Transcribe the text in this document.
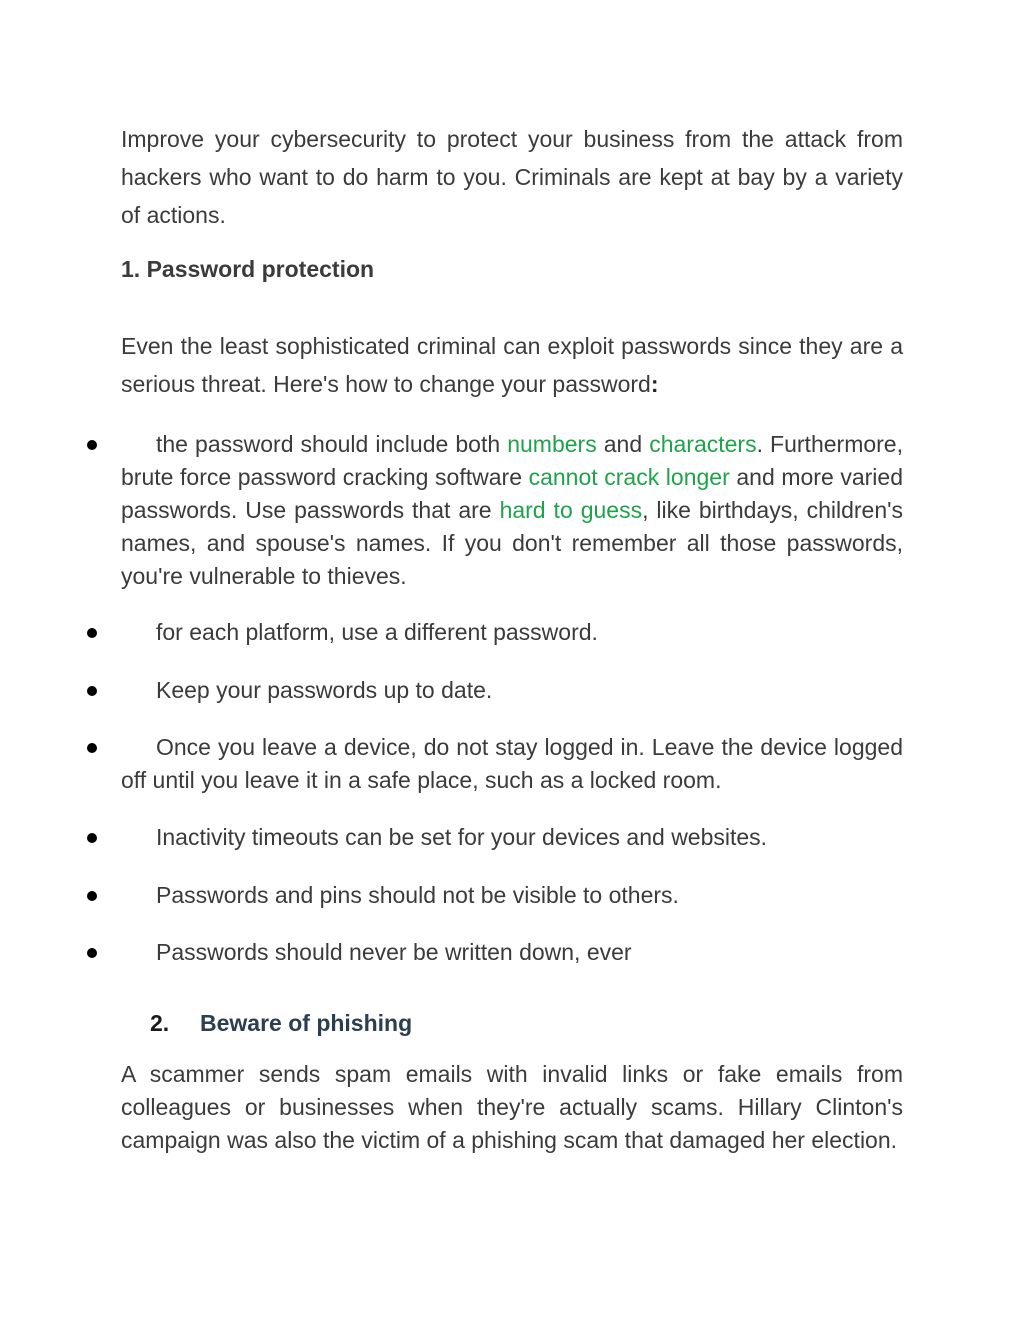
Improve your cybersecurity to protect your business from the attack from hackers who want to do harm to you. Criminals are kept at bay by a variety of actions.
1. Password protection
Even the least sophisticated criminal can exploit passwords since they are a serious threat. Here's how to change your password:
the password should include both numbers and characters. Furthermore, brute force password cracking software cannot crack longer and more varied passwords. Use passwords that are hard to guess, like birthdays, children's names, and spouse's names. If you don't remember all those passwords, you're vulnerable to thieves.
for each platform, use a different password.
Keep your passwords up to date.
Once you leave a device, do not stay logged in. Leave the device logged off until you leave it in a safe place, such as a locked room.
Inactivity timeouts can be set for your devices and websites.
Passwords and pins should not be visible to others.
Passwords should never be written down, ever
2. Beware of phishing
A scammer sends spam emails with invalid links or fake emails from colleagues or businesses when they're actually scams. Hillary Clinton's campaign was also the victim of a phishing scam that damaged her election.
